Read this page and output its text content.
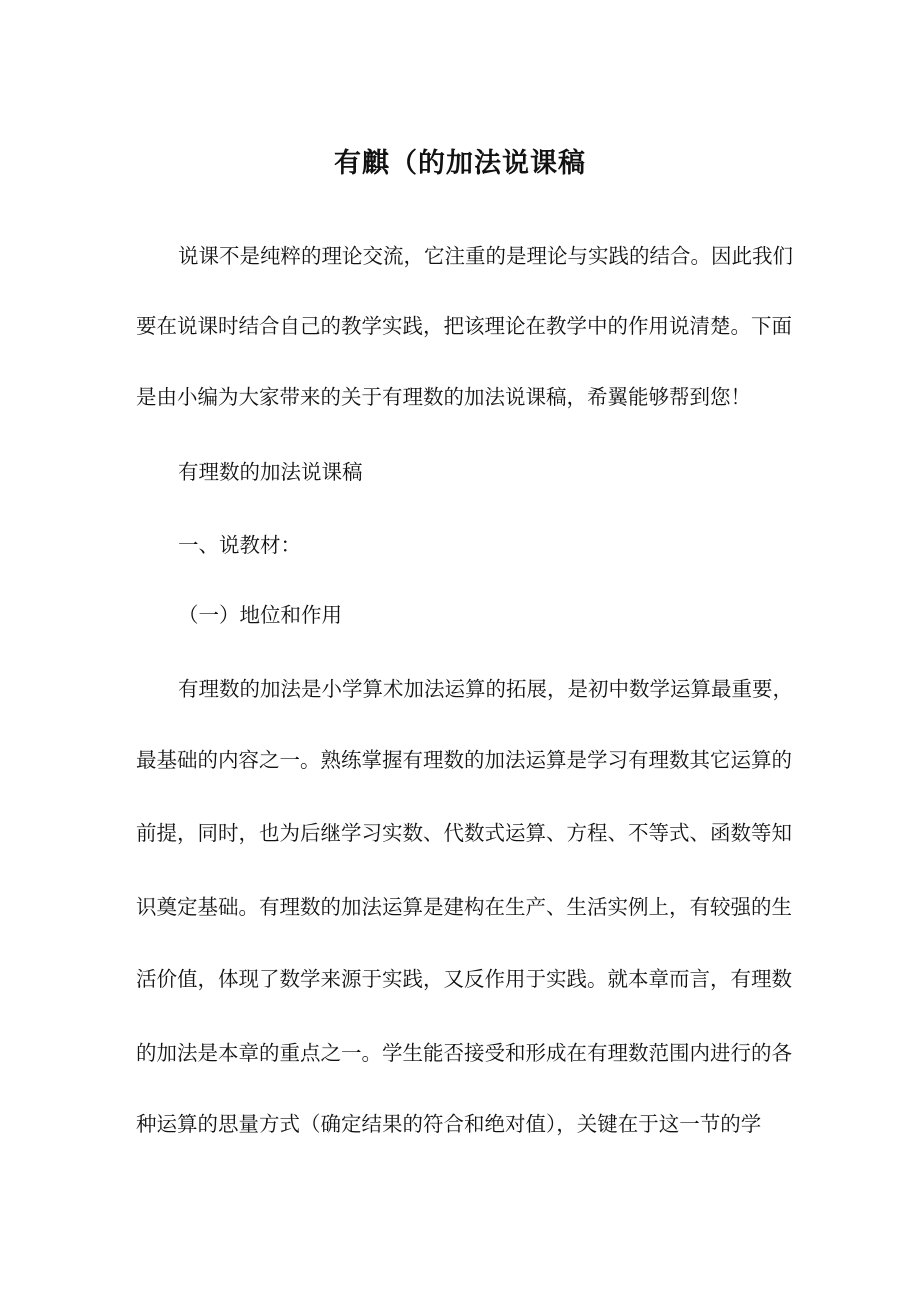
有麒（的加法说课稿

说课不是纯粹的理论交流，它注重的是理论与实践的结合。因此我们

要在说课时结合自己的教学实践，把该理论在教学中的作用说清楚。下面

是由小编为大家带来的关于有理数的加法说课稿，希翼能够帮到您！

有理数的加法说课稿

一、说教材：

（一）地位和作用

有理数的加法是小学算术加法运算的拓展，是初中数学运算最重要，

最基础的内容之一。熟练掌握有理数的加法运算是学习有理数其它运算的

前提，同时，也为后继学习实数、代数式运算、方程、不等式、函数等知

识奠定基础。有理数的加法运算是建构在生产、生活实例上，有较强的生

活价值，体现了数学来源于实践，又反作用于实践。就本章而言，有理数

的加法是本章的重点之一。学生能否接受和形成在有理数范围内进行的各

种运算的思量方式（确定结果的符合和绝对值），关键在于这一节的学
